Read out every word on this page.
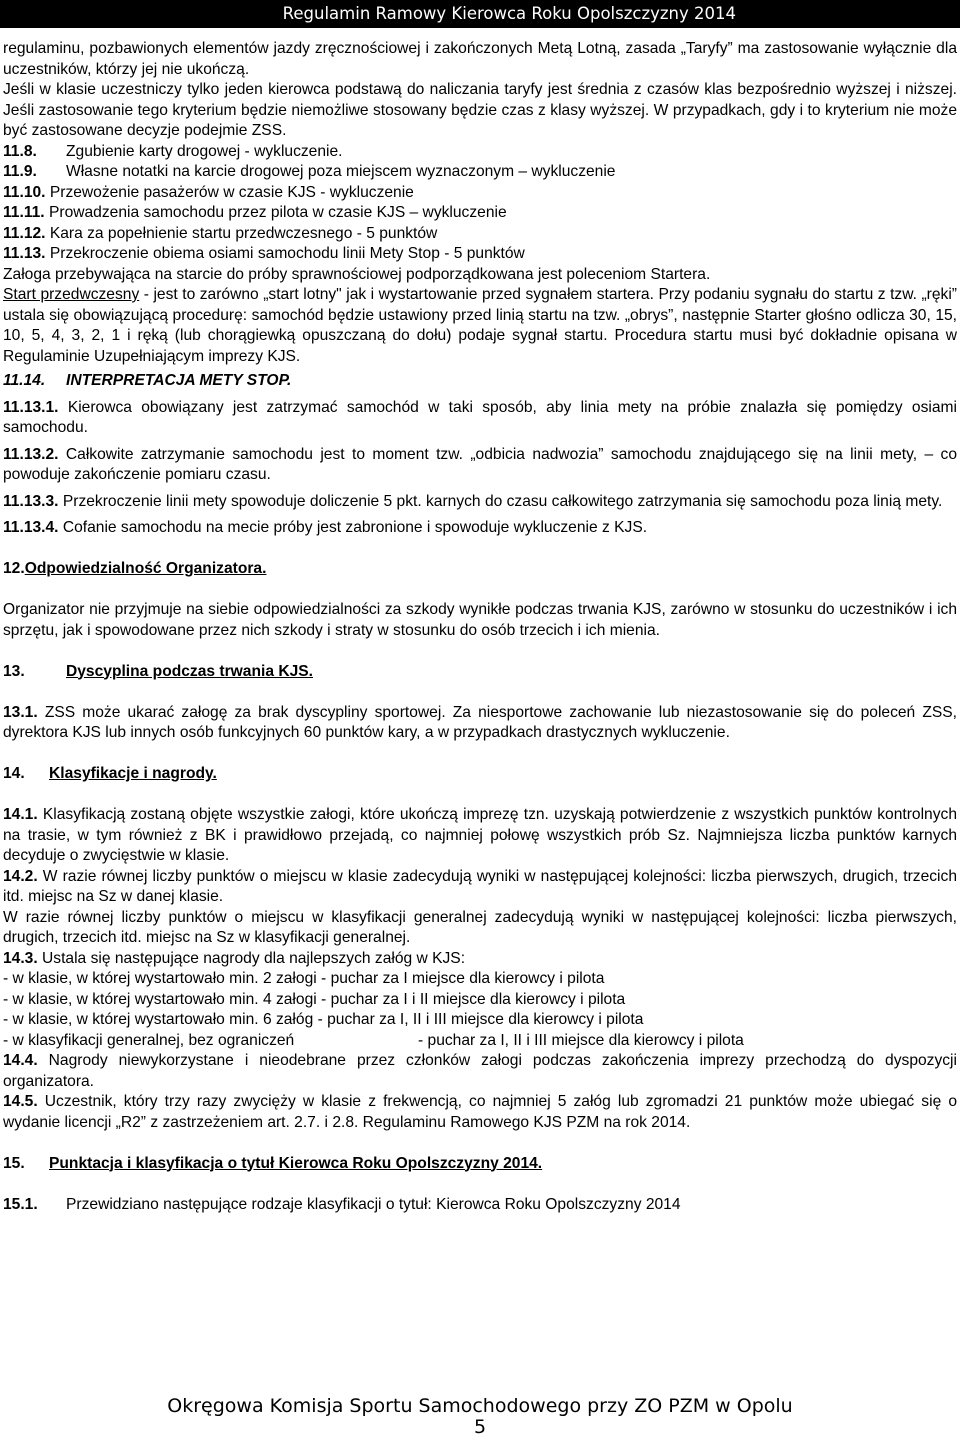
Regulamin Ramowy Kierowca Roku Opolszczyzny 2014

regulaminu, pozbawionych elementów jazdy zręcznościowej i zakończonych Metą Lotną, zasada „Taryfy” ma zastosowanie wyłącznie dla uczestników, którzy jej nie ukończą.

Jeśli w klasie uczestniczy tylko jeden kierowca podstawą do naliczania taryfy jest średnia z czasów klas bezpośrednio wyższej i niższej. Jeśli zastosowanie tego kryterium będzie niemożliwe stosowany będzie czas z klasy wyższej. W przypadkach, gdy i to kryterium nie może być zastosowane decyzje podejmie ZSS.

11.8. Zgubienie karty drogowej - wykluczenie.

11.9. Własne notatki na karcie drogowej poza miejscem wyznaczonym – wykluczenie

11.10. Przewożenie pasażerów w czasie KJS - wykluczenie

11.11. Prowadzenia samochodu przez pilota w czasie KJS – wykluczenie

11.12. Kara za popełnienie startu przedwczesnego - 5 punktów

11.13. Przekroczenie obiema osiami samochodu linii Mety Stop - 5 punktów

Załoga przebywająca na starcie do próby sprawnościowej podporządkowana jest poleceniom Startera.

Start przedwczesny - jest to zarówno „start lotny" jak i wystartowanie przed sygnałem startera. Przy podaniu sygnału do startu z tzw. „ręki” ustala się obowiązującą procedurę: samochód będzie ustawiony przed linią startu na tzw. „obrys”, następnie Starter głośno odlicza 30, 15, 10, 5, 4, 3, 2, 1 i ręką (lub chorągiewką opuszczaną do dołu) podaje sygnał startu. Procedura startu musi być dokładnie opisana w Regulaminie Uzupełniającym imprezy KJS.

11.14. INTERPRETACJA METY STOP.

11.13.1. Kierowca obowiązany jest zatrzymać samochód w taki sposób, aby linia mety na próbie znalazła się pomiędzy osiami samochodu.

11.13.2. Całkowite zatrzymanie samochodu jest to moment tzw. „odbicia nadwozia” samochodu znajdującego się na linii mety, – co powoduje zakończenie pomiaru czasu.

11.13.3. Przekroczenie linii mety spowoduje doliczenie 5 pkt. karnych do czasu całkowitego zatrzymania się samochodu poza linią mety.

11.13.4. Cofanie samochodu na mecie próby jest zabronione i spowoduje wykluczenie z KJS.

12.Odpowiedzialność Organizatora.

Organizator nie przyjmuje na siebie odpowiedzialności za szkody wynikłe podczas trwania KJS, zarówno w stosunku do uczestników i ich sprzętu, jak i spowodowane przez nich szkody i straty w stosunku do osób trzecich i ich mienia.

13.	Dyscyplina podczas trwania KJS.

13.1. ZSS może ukarać załogę za brak dyscypliny sportowej. Za niesportowe zachowanie lub niezastosowanie się do poleceń ZSS, dyrektora KJS lub innych osób funkcyjnych 60 punktów kary, a w przypadkach drastycznych wykluczenie.

14. Klasyfikacje i nagrody.

14.1. Klasyfikacją zostaną objęte wszystkie załogi, które ukończą imprezę tzn. uzyskają potwierdzenie z wszystkich punktów kontrolnych na trasie, w tym również z BK i prawidłowo przejadą, co najmniej połowę wszystkich prób Sz. Najmniejsza liczba punktów karnych decyduje o zwycięstwie w klasie.

14.2. W razie równej liczby punktów o miejscu w klasie zadecydują wyniki w następującej kolejności: liczba pierwszych, drugich, trzecich itd. miejsc na Sz w danej klasie.

W razie równej liczby punktów o miejscu w klasyfikacji generalnej zadecydują wyniki w następującej kolejności: liczba pierwszych, drugich, trzecich itd. miejsc na Sz w klasyfikacji generalnej.

14.3. Ustala się następujące nagrody dla najlepszych załóg w KJS:

- w klasie, w której wystartowało min. 2 załogi - puchar za I miejsce dla kierowcy i pilota

- w klasie, w której wystartowało min. 4 załogi - puchar za I i II miejsce dla kierowcy i pilota

- w klasie, w której wystartowało min. 6 załóg - puchar za I, II i III miejsce dla kierowcy i pilota

- w klasyfikacji generalnej, bez ograniczeń	- puchar za I, II i III miejsce dla kierowcy i pilota

14.4. Nagrody niewykorzystane i nieodebrane przez członków załogi podczas zakończenia imprezy przechodzą do dyspozycji organizatora.

14.5. Uczestnik, który trzy razy zwycięży w klasie z frekwencją, co najmniej 5 załóg lub zgromadzi 21 punktów może ubiegać się o wydanie licencji „R2” z zastrzeżeniem art. 2.7. i 2.8. Regulaminu Ramowego KJS PZM na rok 2014.

15. Punktacja i klasyfikacja o tytuł Kierowca Roku Opolszczyzny 2014.

15.1. Przewidziano następujące rodzaje klasyfikacji o tytuł: Kierowca Roku Opolszczyzny 2014

Okręgowa Komisja Sportu Samochodowego przy ZO PZM w Opolu
5
